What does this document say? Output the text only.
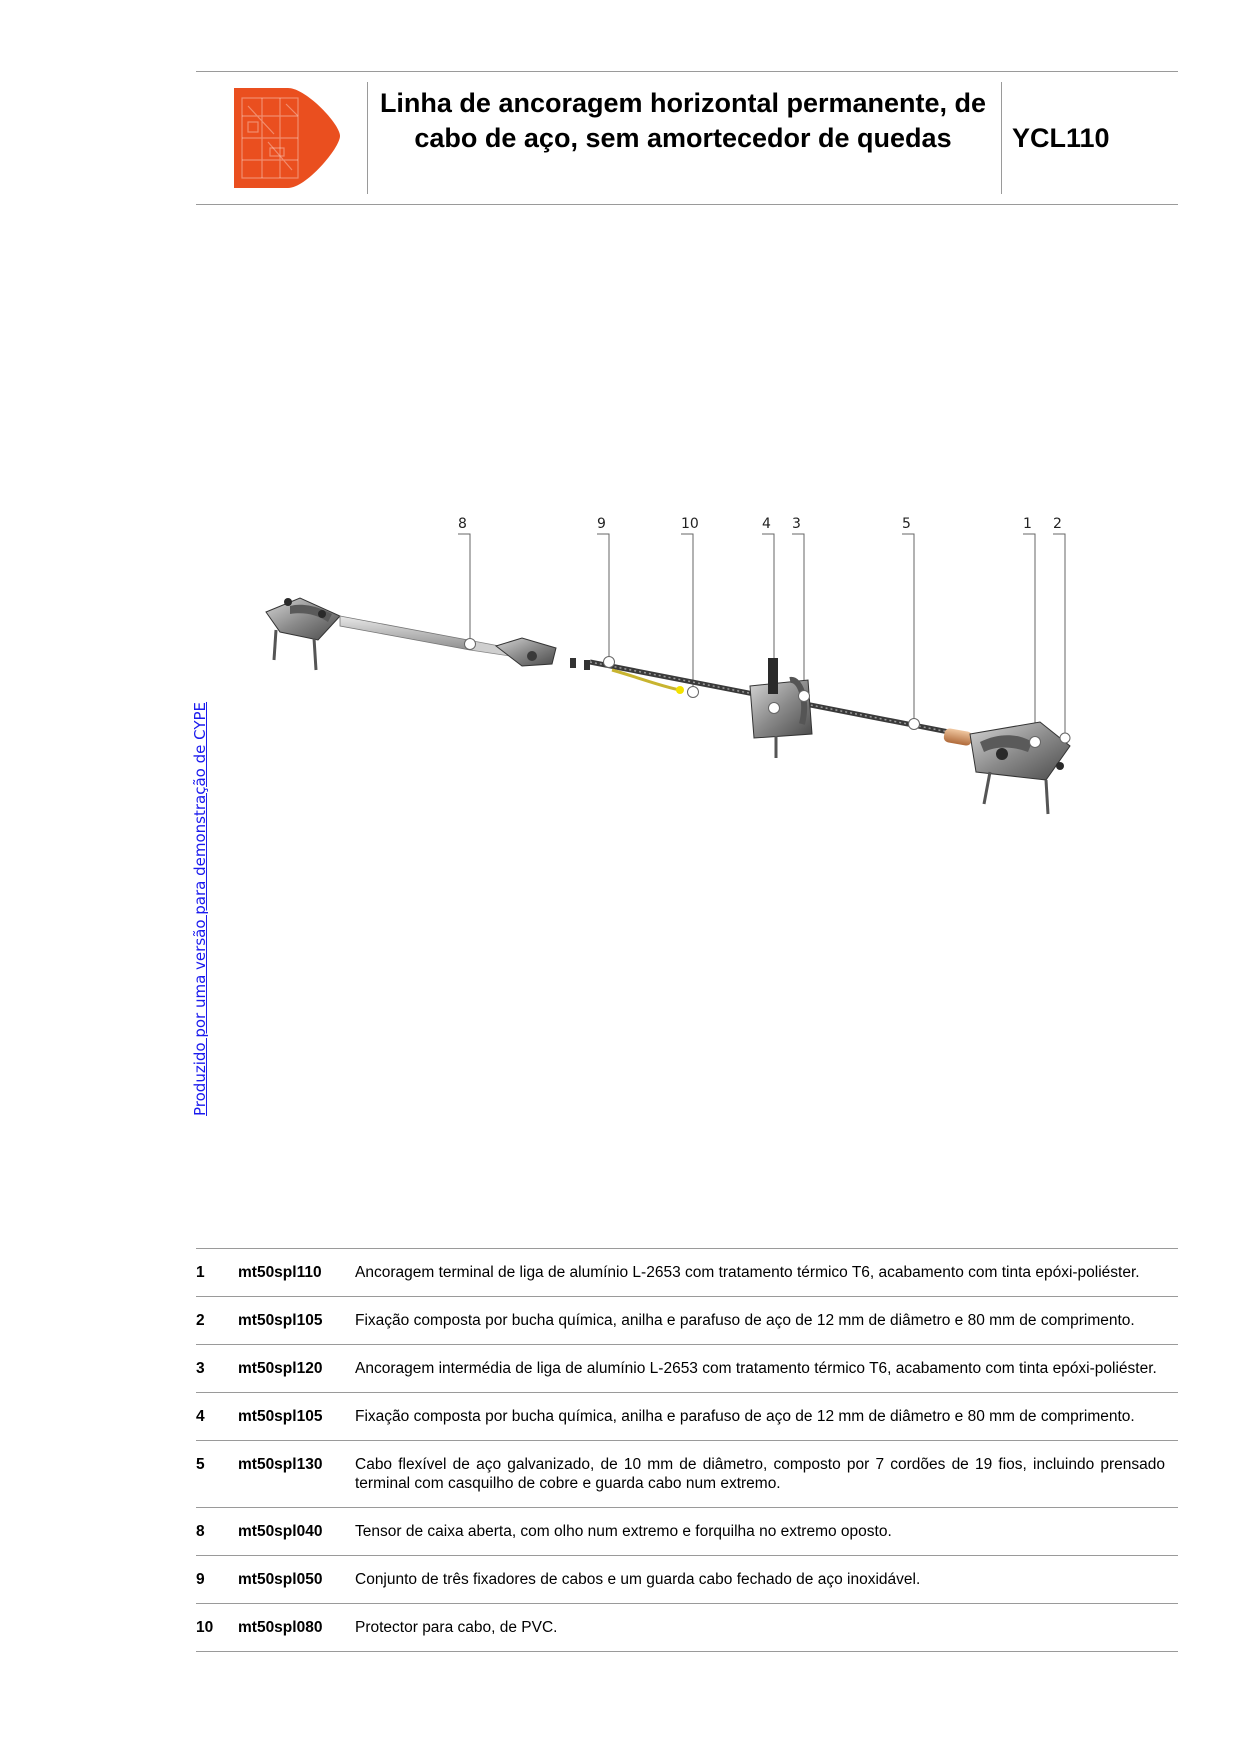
Linha de ancoragem horizontal permanente, de cabo de aço, sem amortecedor de quedas	YCL110
Produzido por uma versão para demonstração de CYPE
8	9	10	4 3	5	1 2
1	mt50spl110	Ancoragem terminal de liga de alumínio L-2653 com tratamento térmico T6, acabamento com tinta epóxi-poliéster.
2	mt50spl105	Fixação composta por bucha química, anilha e parafuso de aço de 12 mm de diâmetro e 80 mm de comprimento.
3	mt50spl120	Ancoragem intermédia de liga de alumínio L-2653 com tratamento térmico T6, acabamento com tinta epóxi-poliéster.
4	mt50spl105	Fixação composta por bucha química, anilha e parafuso de aço de 12 mm de diâmetro e 80 mm de comprimento.
5	mt50spl130	Cabo flexível de aço galvanizado, de 10 mm de diâmetro, composto por 7 cordões de 19 fios, incluindo prensado terminal com casquilho de cobre e guarda cabo num extremo.
8	mt50spl040	Tensor de caixa aberta, com olho num extremo e forquilha no extremo oposto.
9	mt50spl050	Conjunto de três fixadores de cabos e um guarda cabo fechado de aço inoxidável.
10	mt50spl080	Protector para cabo, de PVC.
